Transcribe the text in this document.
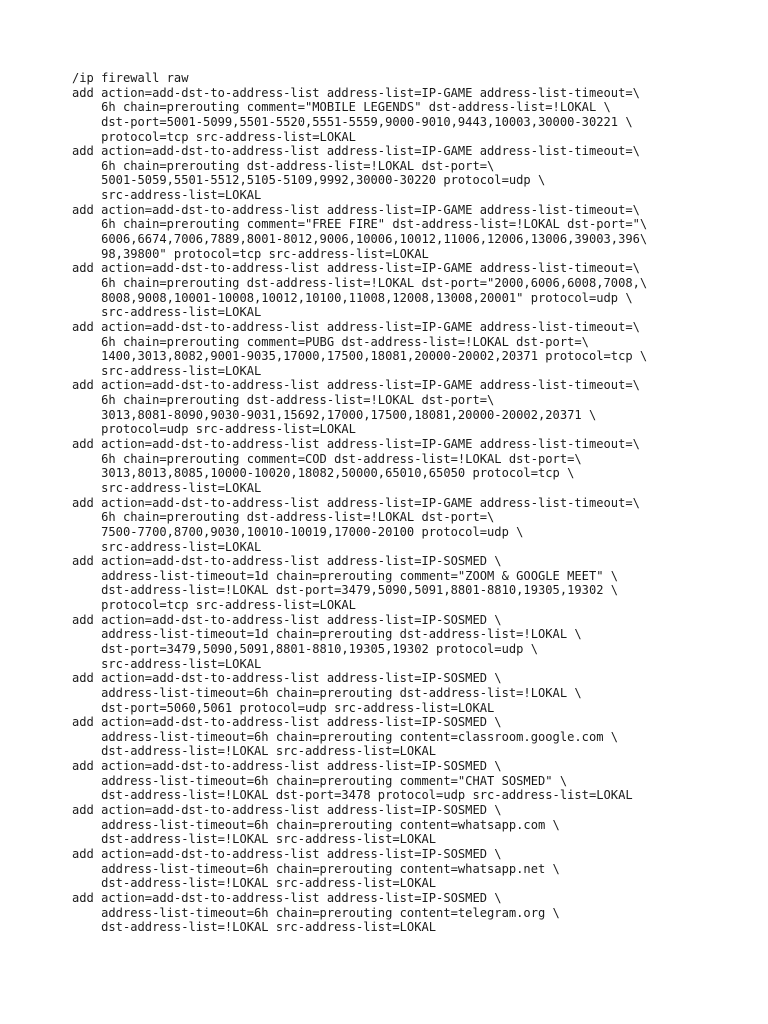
/ip firewall raw
add action=add-dst-to-address-list address-list=IP-GAME address-list-timeout=\
6h chain=prerouting comment="MOBILE LEGENDS" dst-address-list=!LOKAL \
dst-port=5001-5099,5501-5520,5551-5559,9000-9010,9443,10003,30000-30221 \
protocol=tcp src-address-list=LOKAL
add action=add-dst-to-address-list address-list=IP-GAME address-list-timeout=\
6h chain=prerouting dst-address-list=!LOKAL dst-port=\
5001-5059,5501-5512,5105-5109,9992,30000-30220 protocol=udp \
src-address-list=LOKAL
add action=add-dst-to-address-list address-list=IP-GAME address-list-timeout=\
6h chain=prerouting comment="FREE FIRE" dst-address-list=!LOKAL dst-port="\
6006,6674,7006,7889,8001-8012,9006,10006,10012,11006,12006,13006,39003,396\
98,39800" protocol=tcp src-address-list=LOKAL
add action=add-dst-to-address-list address-list=IP-GAME address-list-timeout=\
6h chain=prerouting dst-address-list=!LOKAL dst-port="2000,6006,6008,7008,\
8008,9008,10001-10008,10012,10100,11008,12008,13008,20001" protocol=udp \
src-address-list=LOKAL
add action=add-dst-to-address-list address-list=IP-GAME address-list-timeout=\
6h chain=prerouting comment=PUBG dst-address-list=!LOKAL dst-port=\
1400,3013,8082,9001-9035,17000,17500,18081,20000-20002,20371 protocol=tcp \
src-address-list=LOKAL
add action=add-dst-to-address-list address-list=IP-GAME address-list-timeout=\
6h chain=prerouting dst-address-list=!LOKAL dst-port=\
3013,8081-8090,9030-9031,15692,17000,17500,18081,20000-20002,20371 \
protocol=udp src-address-list=LOKAL
add action=add-dst-to-address-list address-list=IP-GAME address-list-timeout=\
6h chain=prerouting comment=COD dst-address-list=!LOKAL dst-port=\
3013,8013,8085,10000-10020,18082,50000,65010,65050 protocol=tcp \
src-address-list=LOKAL
add action=add-dst-to-address-list address-list=IP-GAME address-list-timeout=\
6h chain=prerouting dst-address-list=!LOKAL dst-port=\
7500-7700,8700,9030,10010-10019,17000-20100 protocol=udp \
src-address-list=LOKAL
add action=add-dst-to-address-list address-list=IP-SOSMED \
address-list-timeout=1d chain=prerouting comment="ZOOM & GOOGLE MEET" \
dst-address-list=!LOKAL dst-port=3479,5090,5091,8801-8810,19305,19302 \
protocol=tcp src-address-list=LOKAL
add action=add-dst-to-address-list address-list=IP-SOSMED \
address-list-timeout=1d chain=prerouting dst-address-list=!LOKAL \
dst-port=3479,5090,5091,8801-8810,19305,19302 protocol=udp \
src-address-list=LOKAL
add action=add-dst-to-address-list address-list=IP-SOSMED \
address-list-timeout=6h chain=prerouting dst-address-list=!LOKAL \
dst-port=5060,5061 protocol=udp src-address-list=LOKAL
add action=add-dst-to-address-list address-list=IP-SOSMED \
address-list-timeout=6h chain=prerouting content=classroom.google.com \
dst-address-list=!LOKAL src-address-list=LOKAL
add action=add-dst-to-address-list address-list=IP-SOSMED \
address-list-timeout=6h chain=prerouting comment="CHAT SOSMED" \
dst-address-list=!LOKAL dst-port=3478 protocol=udp src-address-list=LOKAL
add action=add-dst-to-address-list address-list=IP-SOSMED \
address-list-timeout=6h chain=prerouting content=whatsapp.com \
dst-address-list=!LOKAL src-address-list=LOKAL
add action=add-dst-to-address-list address-list=IP-SOSMED \
address-list-timeout=6h chain=prerouting content=whatsapp.net \
dst-address-list=!LOKAL src-address-list=LOKAL
add action=add-dst-to-address-list address-list=IP-SOSMED \
address-list-timeout=6h chain=prerouting content=telegram.org \
dst-address-list=!LOKAL src-address-list=LOKAL
